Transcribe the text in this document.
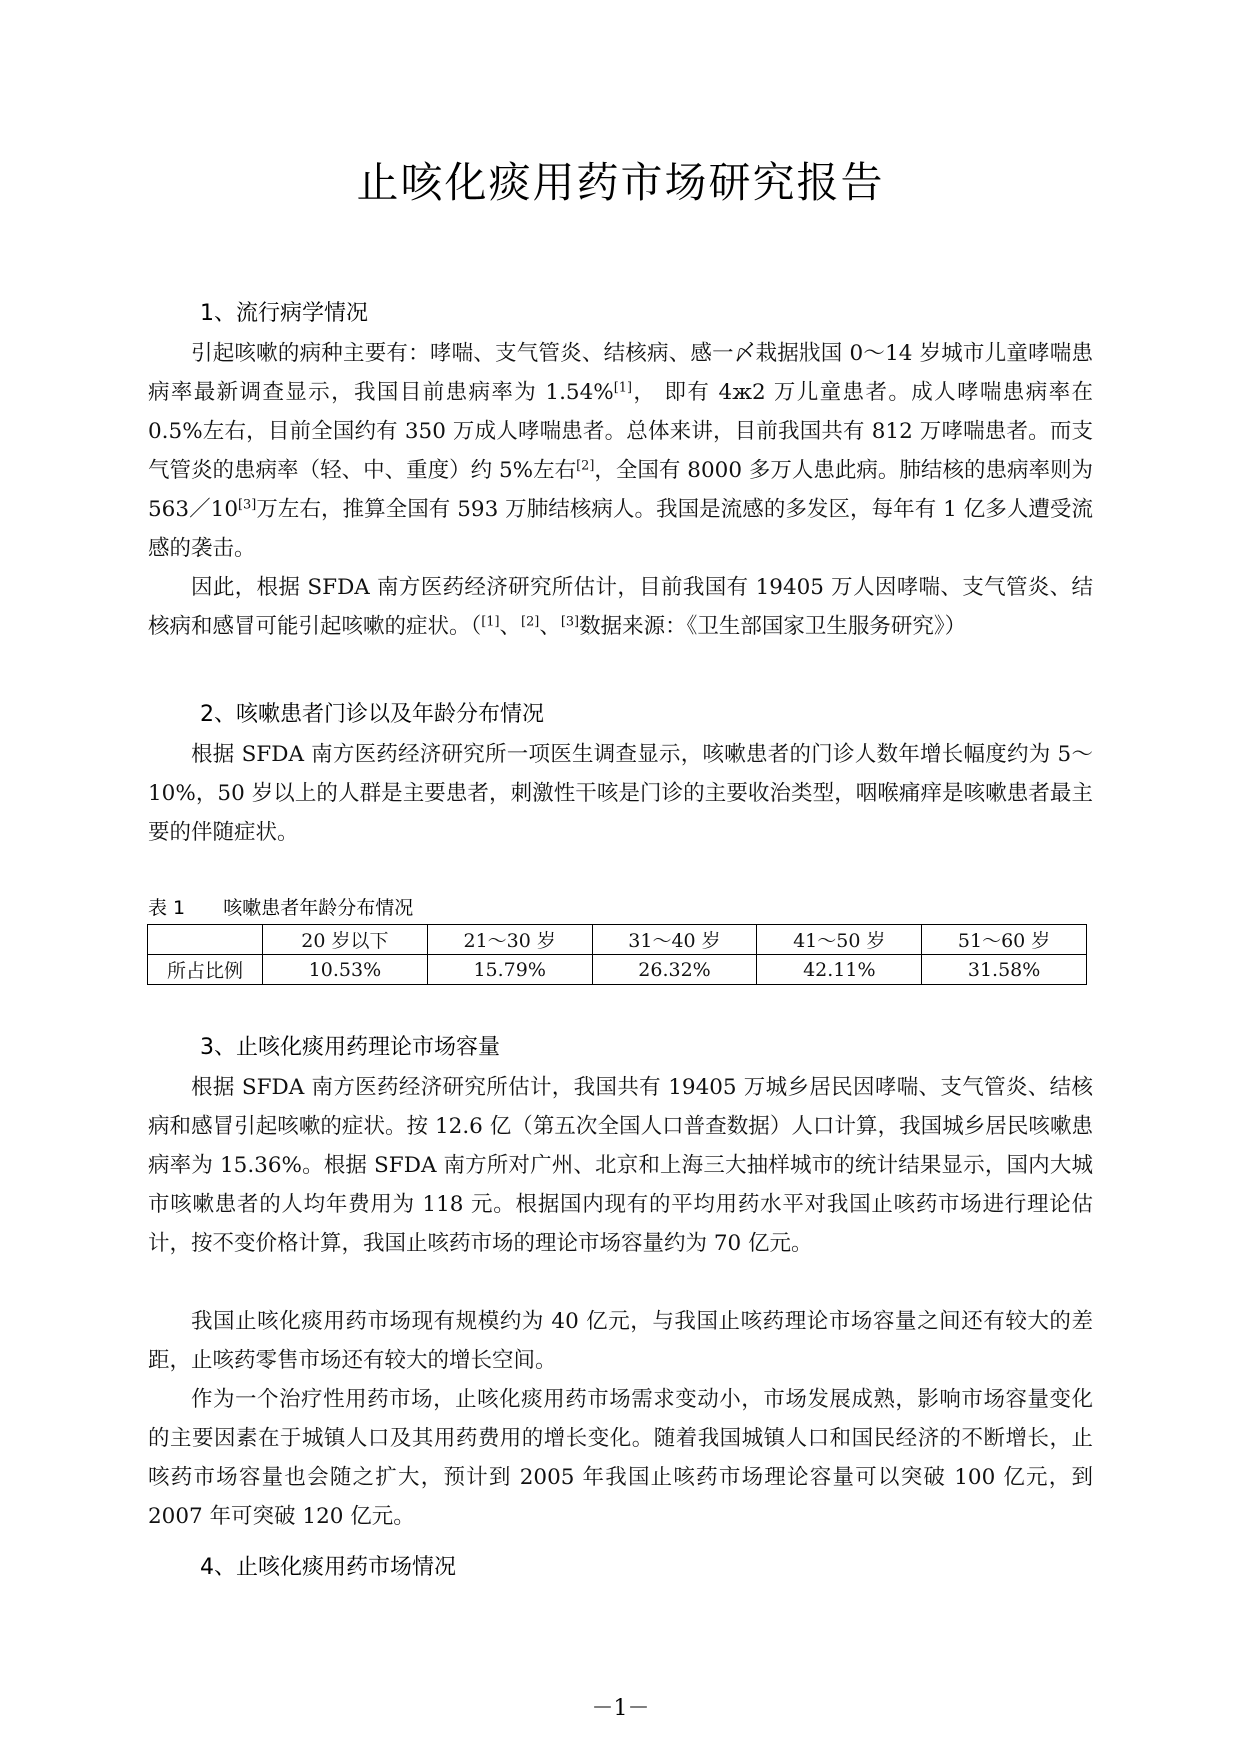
止咳化痰用药市场研究报告
1、流行病学情况

引起咳嗽的病种主要有：哮喘、支气管炎、结核病、感一〆栽据戕国 0～14 岁城市儿童哮喘患病率最新调查显示，我国目前患病率为 1.54%[1]， 即有 4ж2 万儿童患者。成人哮喘患病率在 0.5%左右，目前全国约有 350 万成人哮喘患者。总体来讲，目前我国共有 812 万哮喘患者。而支气管炎的患病率（轻、中、重度）约 5%左右[2]，全国有 8000 多万人患此病。肺结核的患病率则为 563／10[3]万左右，推算全国有 593 万肺结核病人。我国是流感的多发区，每年有 1 亿多人遭受流感的袭击。

因此，根据 SFDA 南方医药经济研究所估计，目前我国有 19405 万人因哮喘、支气管炎、结核病和感冒可能引起咳嗽的症状。（[1]、[2]、[3]数据来源：《卫生部国家卫生服务研究》）

2、咳嗽患者门诊以及年龄分布情况

根据 SFDA 南方医药经济研究所一项医生调查显示，咳嗽患者的门诊人数年增长幅度约为 5～10%，50 岁以上的人群是主要患者，刺激性干咳是门诊的主要收治类型，咽喉痛痒是咳嗽患者最主要的伴随症状。

表 1 咳嗽患者年龄分布情况
	20 岁以下	21～30 岁	31～40 岁	41～50 岁	51～60 岁
所占比例	10.53%	15.79%	26.32%	42.11%	31.58%
3、止咳化痰用药理论市场容量

根据 SFDA 南方医药经济研究所估计，我国共有 19405 万城乡居民因哮喘、支气管炎、结核病和感冒引起咳嗽的症状。按 12.6 亿（第五次全国人口普查数据）人口计算，我国城乡居民咳嗽患病率为 15.36%。根据 SFDA 南方所对广州、北京和上海三大抽样城市的统计结果显示，国内大城市咳嗽患者的人均年费用为 118 元。根据国内现有的平均用药水平对我国止咳药市场进行理论估计，按不变价格计算，我国止咳药市场的理论市场容量约为 70 亿元。

我国止咳化痰用药市场现有规模约为 40 亿元，与我国止咳药理论市场容量之间还有较大的差距，止咳药零售市场还有较大的增长空间。

作为一个治疗性用药市场，止咳化痰用药市场需求变动小，市场发展成熟，影响市场容量变化的主要因素在于城镇人口及其用药费用的增长变化。随着我国城镇人口和国民经济的不断增长，止咳药市场容量也会随之扩大，预计到 2005 年我国止咳药市场理论容量可以突破 100 亿元，到 2007 年可突破 120 亿元。

4、止咳化痰用药市场情况
－1－
